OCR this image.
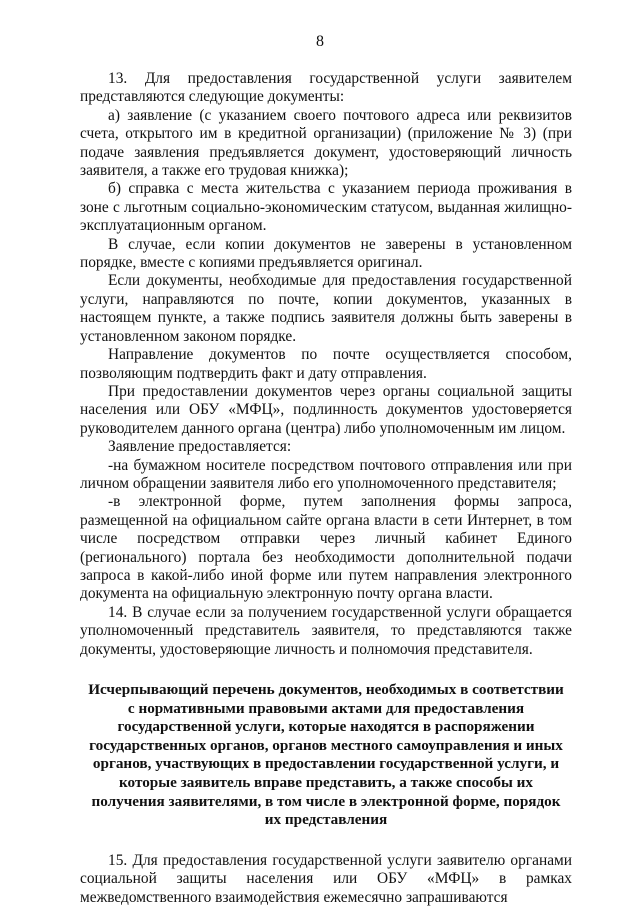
8

13. Для предоставления государственной услуги заявителем представляются следующие документы:

а) заявление (с указанием своего почтового адреса или реквизитов счета, открытого им в кредитной организации) (приложение № 3) (при подаче заявления предъявляется документ, удостоверяющий личность заявителя, а также его трудовая книжка);

б) справка с места жительства с указанием периода проживания в зоне с льготным социально-экономическим статусом, выданная жилищно-эксплуатационным органом.

В случае, если копии документов не заверены в установленном порядке, вместе с копиями предъявляется оригинал.

Если документы, необходимые для предоставления государственной услуги, направляются по почте, копии документов, указанных в настоящем пункте, а также подпись заявителя должны быть заверены в установленном законом порядке.

Направление документов по почте осуществляется способом, позволяющим подтвердить факт и дату отправления.

При предоставлении документов через органы социальной защиты населения или ОБУ «МФЦ», подлинность документов удостоверяется руководителем данного органа (центра) либо уполномоченным им лицом.

Заявление предоставляется:

-на бумажном носителе посредством почтового отправления или при личном обращении заявителя либо его уполномоченного представителя;

-в электронной форме, путем заполнения формы запроса, размещенной на официальном сайте органа власти в сети Интернет, в том числе посредством отправки через личный кабинет Единого (регионального) портала без необходимости дополнительной подачи запроса в какой-либо иной форме или путем направления электронного документа на официальную электронную почту органа власти.

14. В случае если за получением государственной услуги обращается уполномоченный представитель заявителя, то представляются также документы, удостоверяющие личность и полномочия представителя.

Исчерпывающий перечень документов, необходимых в соответствии с нормативными правовыми актами для предоставления государственной услуги, которые находятся в распоряжении государственных органов, органов местного самоуправления и иных органов, участвующих в предоставлении государственной услуги, и которые заявитель вправе представить, а также способы их получения заявителями, в том числе в электронной форме, порядок их представления

15. Для предоставления государственной услуги заявителю органами социальной защиты населения или ОБУ «МФЦ» в рамках межведомственного взаимодействия ежемесячно запрашиваются
